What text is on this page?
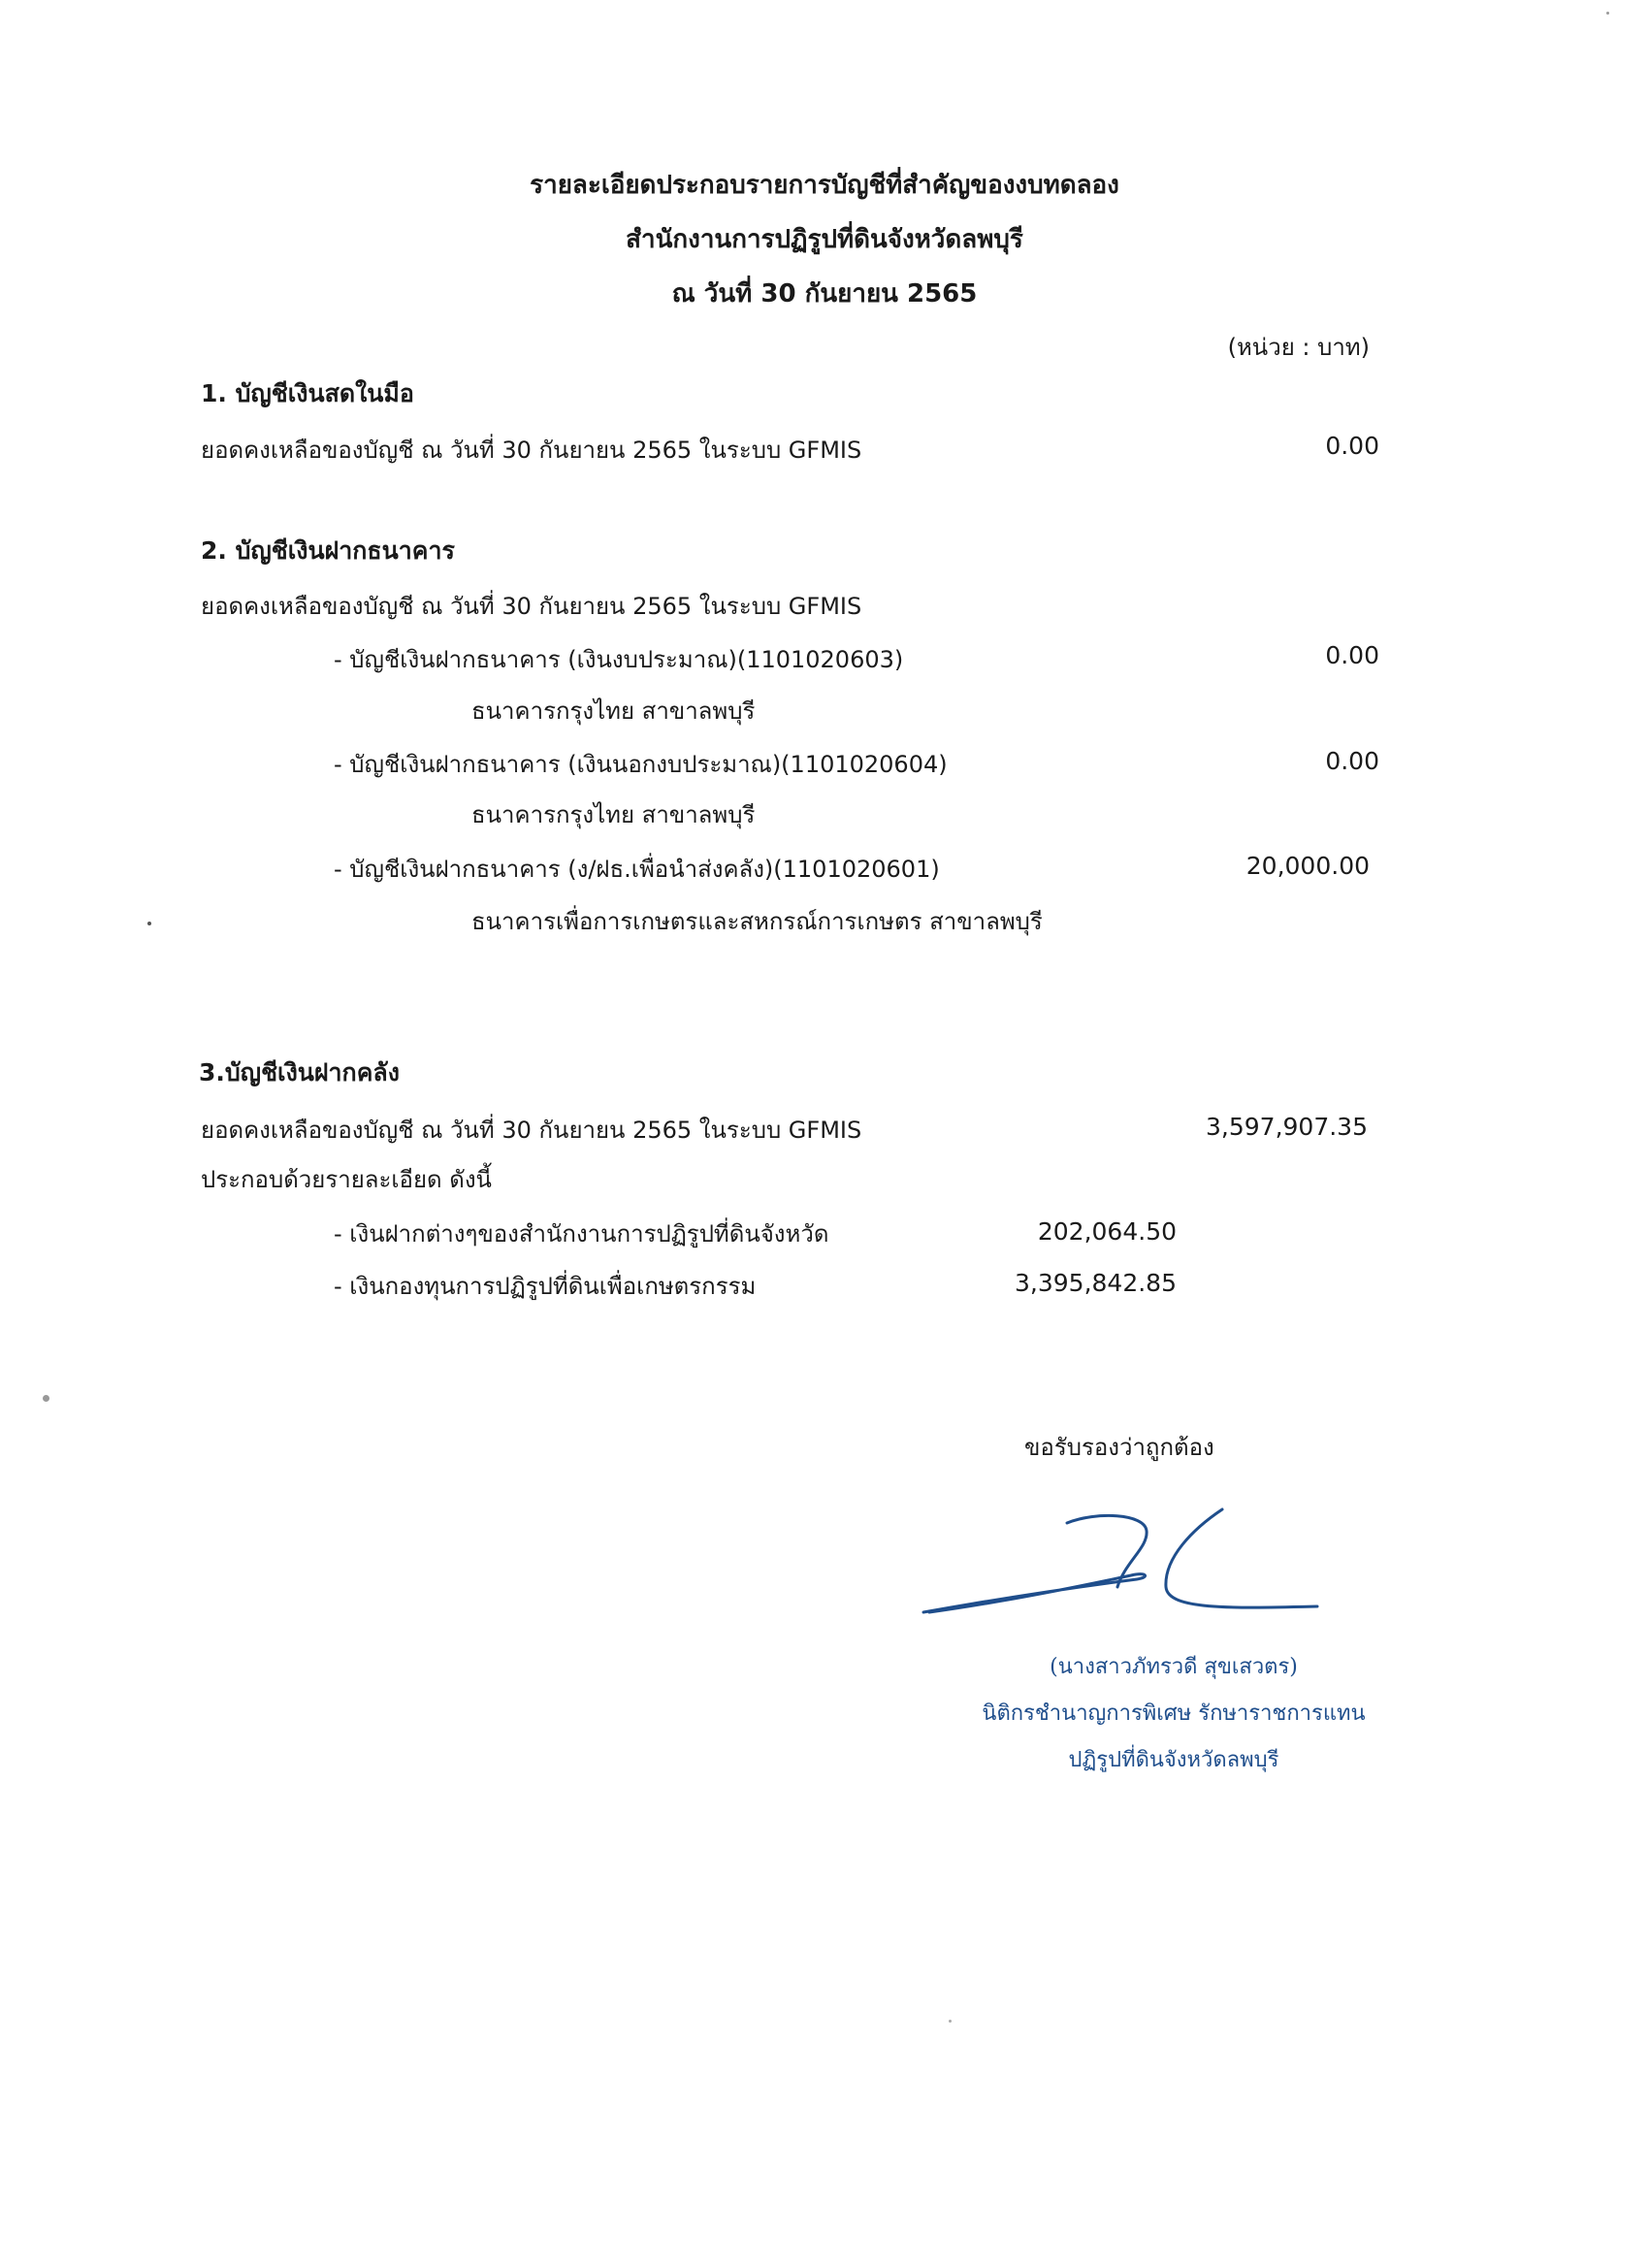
รายละเอียดประกอบรายการบัญชีที่สำคัญของงบทดลอง
สำนักงานการปฏิรูปที่ดินจังหวัดลพบุรี
ณ วันที่ 30 กันยายน 2565
(หน่วย : บาท)
1. บัญชีเงินสดในมือ
ยอดคงเหลือของบัญชี ณ วันที่ 30 กันยายน 2565 ในระบบ GFMIS	0.00
2. บัญชีเงินฝากธนาคาร
ยอดคงเหลือของบัญชี ณ วันที่ 30 กันยายน 2565 ในระบบ GFMIS
- บัญชีเงินฝากธนาคาร (เงินงบประมาณ)(1101020603)	0.00
ธนาคารกรุงไทย สาขาลพบุรี
- บัญชีเงินฝากธนาคาร (เงินนอกงบประมาณ)(1101020604)	0.00
ธนาคารกรุงไทย สาขาลพบุรี
- บัญชีเงินฝากธนาคาร (ง/ฝธ.เพื่อนำส่งคลัง)(1101020601)	20,000.00
ธนาคารเพื่อการเกษตรและสหกรณ์การเกษตร สาขาลพบุรี
3.บัญชีเงินฝากคลัง
ยอดคงเหลือของบัญชี ณ วันที่ 30 กันยายน 2565 ในระบบ GFMIS	3,597,907.35
ประกอบด้วยรายละเอียด ดังนี้
- เงินฝากต่างๆของสำนักงานการปฏิรูปที่ดินจังหวัด	202,064.50
- เงินกองทุนการปฏิรูปที่ดินเพื่อเกษตรกรรม	3,395,842.85
ขอรับรองว่าถูกต้อง
(นางสาวภัทรวดี สุขเสวตร)
นิติกรชำนาญการพิเศษ รักษาราชการแทน
ปฏิรูปที่ดินจังหวัดลพบุรี
